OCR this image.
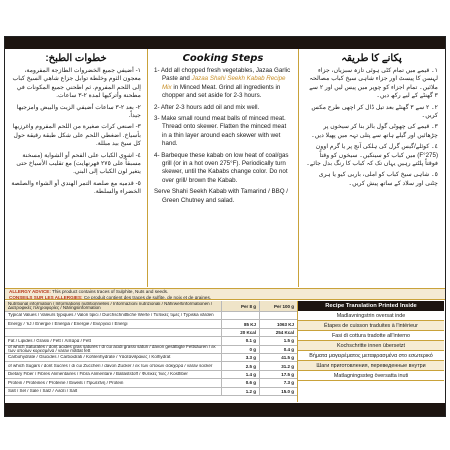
خطوات الطبخ:
١- أضيفي جميع الخضروات الطازجة المفرومة، معجون الثوم وخلطة توابل جزاع شاهي السيخ كباب إلى اللحم المفروم. ثم اطحني جميع المكونات في مطحنة وأتركيها لمدة ٢-٣ ساعات.
٢- بعد ٢-٣ ساعات أضيفي الزيت والبيض وامزجيها جيداً.
٣- اصنعي كرات صغيرة من اللحم المفروم واغرزيها بأسياخ. اضغطي اللحم على شكل طبقة رقيقة حول كل سيخ بيد مبللة.
٤- اشوي الكباب على الفحم أو الشواية (مسخنة مسبقاً على ٢٧٥ فهرنهايت) مع تقليب الأسياخ حتى يتغير لون الكباب إلى البني.
٥- قدميه مع صلصة التمر الهندي أو الشواء والصلصة الخضراء والسلطة.
Cooking Steps
1- Add all chopped fresh vegetables, Jazaa Garlic Paste and Jazaa Shahi Seekh Kabab Recipe Mix in Minced Meat. Grind all ingredients in chopper and set aside for 2-3 hours.
2- After 2-3 hours add oil and mix well.
3- Make small round meat balls of minced meat. Thread onto skewer. Flatten the minced meat in a thin layer around each skewer with wet hand.
4- Barbeque these kabab on low heat of coal/gas grill (or in a hot oven 275°F). Periodically turn skewer, until the Kababs change color. Do not over grill/ brown the Kabab.
Serve Shahi Seekh Kabab with Tamarind / BBQ / Green Chutney and salad.
پکانے کا طریقہ
١۔ قیمے میں تمام کٹی ہوئی تازہ سبزیاں، جزاء لہسن کا پیسٹ اور جزاء شاہی سیخ کباب مصالحہ ملائیں۔ تمام اجزاء کو چوپر میں پیس لیں اور ٢ سے ٣ گھنٹے کے لیے رکھ دیں۔
٢۔ ٢ سے ٣ گھنٹے بعد تیل ڈال کر اچھی طرح مکس کریں۔
٣۔ قیمے کی چھوٹی گول بالز بنا کر سیخوں پر چڑھائیں اور گیلے ہاتھ سے پتلی تہہ میں پھیلا دیں۔
٤۔ کوئلے/گیس گرل کی ہلکی آنچ پر یا گرم اوون (275°F) میں کباب کو سینکیں۔ سیخوں کو وقتاً فوقتاً پلٹتے رہیں یہاں تک کہ کباب کا رنگ بدل جائے۔
٥۔ شاہی سیخ کباب کو املی، باربی کیو یا ہری چٹنی اور سلاد کے ساتھ پیش کریں۔
ALLERGY ADVICE: This product contains traces of Sulphite, Nuts and seeds.
CONSEILS SUR LES ALLERGIES: Ce produit contient des traces de sulfite, de noix et de graines.
Nutritional information / Informations nutritionnelles / Informazioni nutrizionali / Nährwertinformationen / Διατροφικές πληροφορίες / Näringsinformation	Per 8 g	Per 100 g
Typical Values / Valeurs typiques / Valori tipici / Durchschnittliche Werte / Τυπικές τιμές / Typiska värden
Energy / ʻkJ / Énergie / Energia / Energie / Ενέργεια / Energi	85 KJ	1063 KJ
20 Kcal	254 Kcal
Fat / Lipides / Grassi / Fett / Λιπαρά / Fett	0.1 g	1.5 g
of which Saturates / dont acides gras saturés / di cui acidi grassi saturi / davon gesättigte Fettsäuren / εκ των οποίων κορεσμένα / varav mättat fett	0 g	0.4 g
Carbohydrate / Glucides / Carboidrati / Kohlenhydrate / Υδατάνθρακες / Kolhydrat	3.3 g	41.5 g
of which Sugars / dont Sucres / di cui Zuccheri / davon Zucker / εκ των οποίων σάκχαρα / varav socker	2.5 g	31.2 g
Dietary Fiber / Fibres Alimentaires / Fibra Alimentare / Ballaststoff / Φυτικές Ίνες / Kostfiber	1.4 g	17.5 g
Protein / Protéines / Proteine / Eiweiß / Πρωτεΐνη / Protein	0.6 g	7.3 g
Salt / Sel / Sale / Salz / Αλάτι / Salt	1.2 g	15.0 g
Recipe Translation Printed Inside
Madlavningstrin oversat inde
Étapes de cuisson traduites à l'intérieur
Fasi di cottura tradotte all'interno
Kochschritte innen übersetzt
Βήματα μαγειρέματος μεταφρασμένα στο εσωτερικό
Шаги приготовления, переведенные внутри
Matlagningssteg översatta inuti
